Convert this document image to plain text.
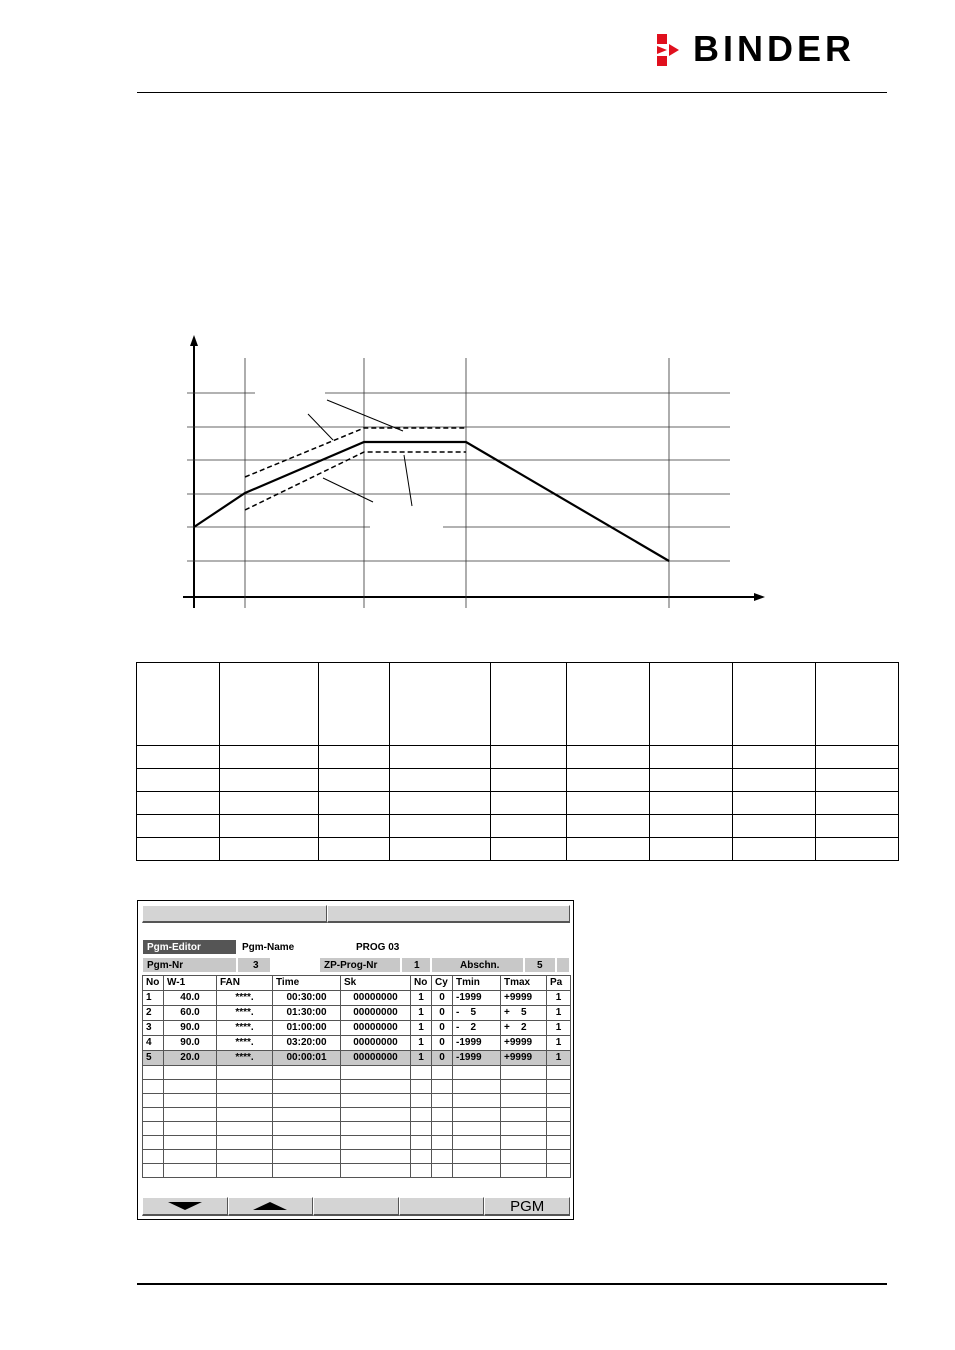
BINDER

Pgm-Editor	Pgm-Name	PROG 03
Pgm-Nr	3	ZP-Prog-Nr	1	Abschn.	5
No	W-1	FAN	Time	Sk	No	Cy	Tmin	Tmax	Pa
1	40.0	****.	00:30:00	00000000	1	0	-1999	+9999	1
2	60.0	****.	01:30:00	00000000	1	0	-    5	+    5	1
3	90.0	****.	01:00:00	00000000	1	0	-    2	+    2	1
4	90.0	****.	03:20:00	00000000	1	0	-1999	+9999	1
5	20.0	****.	00:00:01	00000000	1	0	-1999	+9999	1

PGM
